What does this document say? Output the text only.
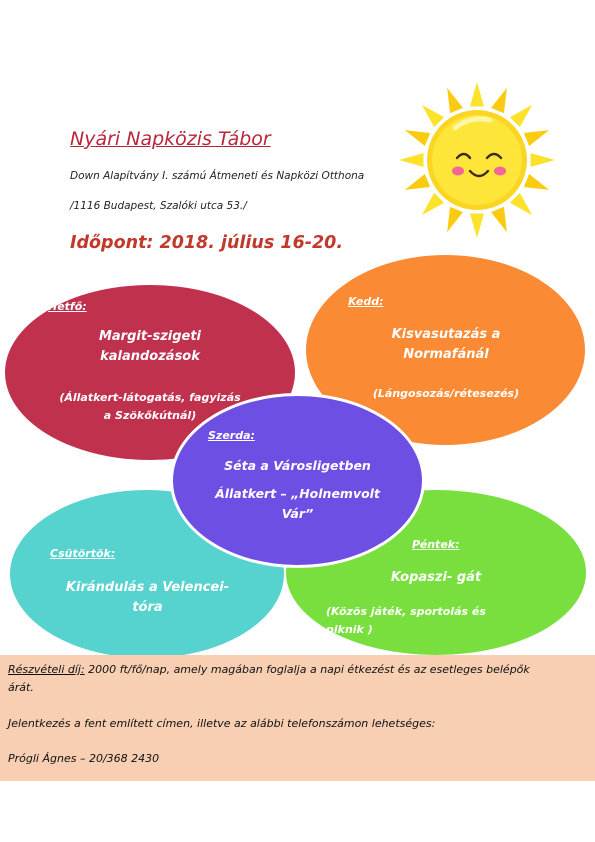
Nyári Napközis Tábor
Down Alapítvány I. számú Átmeneti és Napközi Otthona
/1116 Budapest, Szalóki utca 53./
Időpont: 2018. július 16-20.
Hétfő:
Margit-szigeti
kalandozások
(Állatkert-látogatás, fagyizás
a Szökőkútnál)
Kedd:
Kisvasutazás a
Normafánál
(Lángosozás/rétesezés)
Csütörtök:
Kirándulás a Velencei-
tóra
Péntek:
Kopaszi- gát
(Közös játék, sportolás és
piknik )
Szerda:
Séta a Városligetben
Állatkert – „Holnemvolt
Vár”

Részvételi díj: 2000 ft/fő/nap, amely magában foglalja a napi étkezést és az esetleges belépők

árát.

Jelentkezés a fent említett címen, illetve az alábbi telefonszámon lehetséges:

Prógli Ágnes – 20/368 2430
